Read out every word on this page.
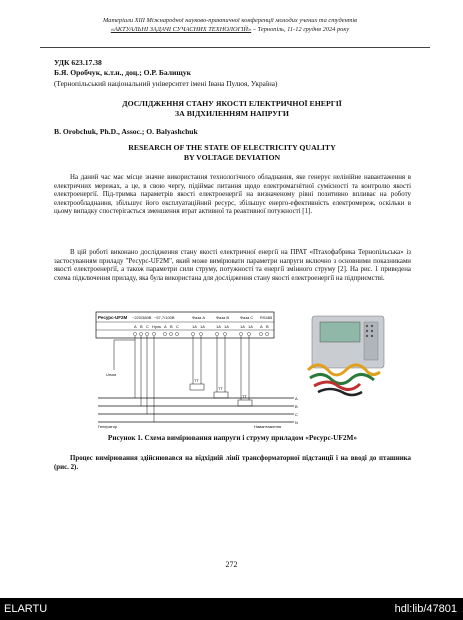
Матеріали XIII Міжнародної науково-практичної конференції молодих учених та студентів
«АКТУАЛЬНІ ЗАДАЧІ СУЧАСНИХ ТЕХНОЛОГІЙ» – Тернопіль, 11-12 грудня 2024 року
УДК 623.17.38
Б.Я. Оробчук, к.т.н., доц.; О.Р. Балищук
(Тернопільський національний університет імені Івана Пулюя, Україна)
ДОСЛІДЖЕННЯ СТАНУ ЯКОСТІ ЕЛЕКТРИЧНОЇ ЕНЕРГІЇ
ЗА ВІДХИЛЕННЯМ НАПРУГИ
B. Orobchuk, Ph.D., Assoc.; O. Balyashchuk
RESEARCH OF THE STATE OF ELECTRICITY QUALITY
BY VOLTAGE DEVIATION
На даний час має місце значне використання технологічного обладнання, яке генерує нелінійне навантаження в електричних мережах, а це, в свою чергу, підіймає питання щодо електромагнітної сумісності та контролю якості електроенергії. Під-тримка параметрів якості електроенергії на визначеному рівні позитивно впливає на роботу електрообладнання, збільшує його експлуатаційний ресурс, збільшує енерго-ефективність електромереж, оскільки в цьому випадку спостерігається зменшення втрат активної та реактивної потужності [1].
В цій роботі виконано дослідження стану якості електричної енергії на ПРАТ «Птахофабрика Тернопільська» із застосуванням приладу "Ресурс-UF2M", який може вимірювати параметри напруги включно з основними показниками якості електроенергії, а також параметри сили струму, потужності та енергії змінного струму [2]. На рис. 1 приведена схема підключення приладу, яка була використана для дослідження стану якості електроенергії на підприємстві.
Ресурс-UF2M ~220/380В ~57,7/100В	Фаза А	Фаза В	Фаза С RS485
A B C Нуль A B C	1A 1A	1A 1A	1A 1A A B
Uном
TT
TT
TT	A
B
C
N
Генератор	Навантаження
Рисунок 1. Схема вимірювання напруги і струму приладом «Ресурс-UF2M»
Процес вимірювання здійснювався на відхідній лінії трансформаторної підстанції і на вводі до пташника (рис. 2).
272
ELARTU	hdl:lib/47801
